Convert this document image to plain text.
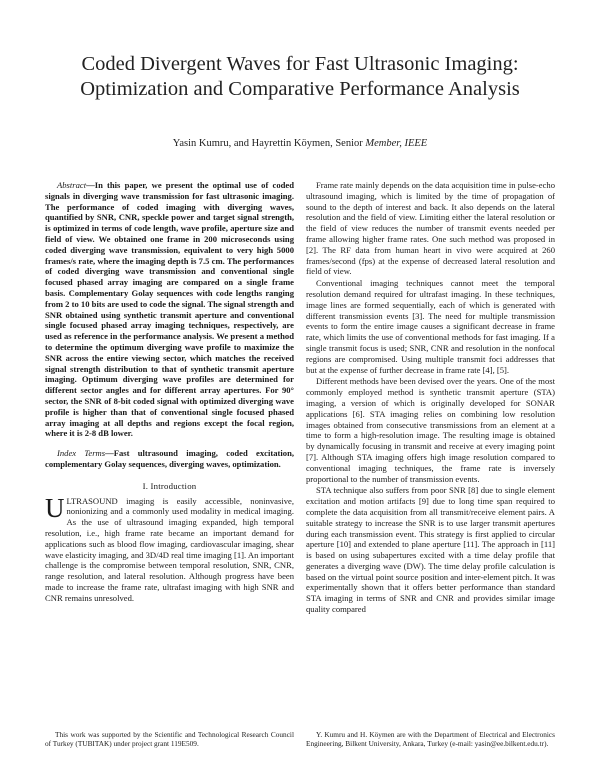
Coded Divergent Waves for Fast Ultrasonic Imaging: Optimization and Comparative Performance Analysis
Yasin Kumru, and Hayrettin Köymen, Senior Member, IEEE

Abstract—In this paper, we present the optimal use of coded signals in diverging wave transmission for fast ultrasonic imaging. The performance of coded imaging with diverging waves, quantified by SNR, CNR, speckle power and target signal strength, is optimized in terms of code length, wave profile, aperture size and field of view. We obtained one frame in 200 microseconds using coded diverging wave transmission, equivalent to very high 5000 frames/s rate, where the imaging depth is 7.5 cm. The performances of coded diverging wave transmission and conventional single focused phased array imaging are compared on a single frame basis. Complementary Golay sequences with code lengths ranging from 2 to 10 bits are used to code the signal. The signal strength and SNR obtained using synthetic transmit aperture and conventional single focused phased array imaging techniques, respectively, are used as reference in the performance analysis. We present a method to determine the optimum diverging wave profile to maximize the SNR across the entire viewing sector, which matches the received signal strength distribution to that of synthetic transmit aperture imaging. Optimum diverging wave profiles are determined for different sector angles and for different array apertures. For 90° sector, the SNR of 8-bit coded signal with optimized diverging wave profile is higher than that of conventional single focused phased array imaging at all depths and regions except the focal region, where it is 2-8 dB lower.

Index Terms—Fast ultrasound imaging, coded excitation, complementary Golay sequences, diverging waves, optimization.

I. Introduction

ULTRASOUND imaging is easily accessible, noninvasive, nonionizing and a commonly used modality in medical imaging. As the use of ultrasound imaging expanded, high temporal resolution, i.e., high frame rate became an important demand for applications such as blood flow imaging, cardiovascular imaging, shear wave elasticity imaging, and 3D/4D real time imaging [1]. An important challenge is the compromise between temporal resolution, SNR, CNR, range resolution, and lateral resolution. Although progress have been made to increase the frame rate, ultrafast imaging with high SNR and CNR remains unresolved.

Frame rate mainly depends on the data acquisition time in pulse-echo ultrasound imaging, which is limited by the time of propagation of sound to the depth of interest and back. It also depends on the lateral resolution and the field of view. Limiting either the lateral resolution or the field of view reduces the number of transmit events needed per frame allowing higher frame rates. One such method was proposed in [2]. The RF data from human heart in vivo were acquired at 260 frames/second (fps) at the expense of decreased lateral resolution and field of view.

Conventional imaging techniques cannot meet the temporal resolution demand required for ultrafast imaging. In these techniques, image lines are formed sequentially, each of which is generated with different transmission events [3]. The need for multiple transmission events to form the entire image causes a significant decrease in frame rate, which limits the use of conventional methods for fast imaging. If a single transmit focus is used; SNR, CNR and resolution in the nonfocal regions are compromised. Using multiple transmit foci addresses that but at the expense of further decrease in frame rate [4], [5].

Different methods have been devised over the years. One of the most commonly employed method is synthetic transmit aperture (STA) imaging, a version of which is originally developed for SONAR applications [6]. STA imaging relies on combining low resolution images obtained from consecutive transmissions from an element at a time to form a high-resolution image. The resulting image is obtained by dynamically focusing in transmit and receive at every imaging point [7]. Although STA imaging offers high image resolution compared to conventional imaging techniques, the frame rate is inversely proportional to the number of transmission events.

STA technique also suffers from poor SNR [8] due to single element excitation and motion artifacts [9] due to long time span required to complete the data acquisition from all transmit/receive element pairs. A suitable strategy to increase the SNR is to use larger transmit apertures during each transmission event. This strategy is first applied to circular aperture [10] and extended to plane aperture [11]. The approach in [11] is based on using subapertures excited with a time delay profile that generates a diverging wave (DW). The time delay profile calculation is based on the virtual point source position and inter-element pitch. It was experimentally shown that it offers better performance than standard STA imaging in terms of SNR and CNR and provides similar image quality compared

This work was supported by the Scientific and Technological Research Council of Turkey (TUBITAK) under project grant 119E509.

Y. Kumru and H. Köymen are with the Department of Electrical and Electronics Engineering, Bilkent University, Ankara, Turkey (e-mail: yasin@ee.bilkent.edu.tr).
